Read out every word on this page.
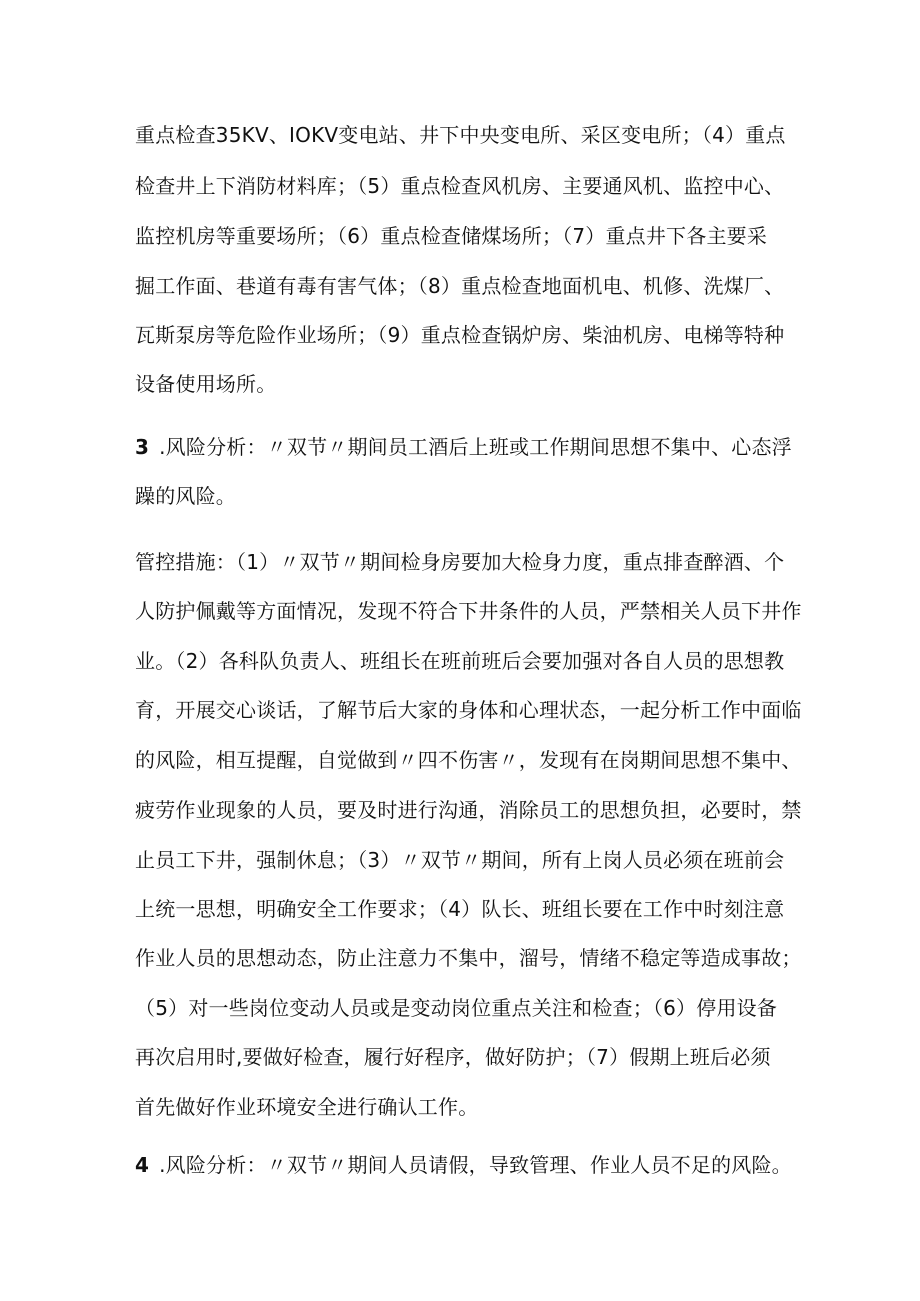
重点检查35KV、IOKV变电站、井下中央变电所、采区变电所；（4）重点
检查井上下消防材料库；（5）重点检查风机房、主要通风机、监控中心、
监控机房等重要场所；（6）重点检查储煤场所；（7）重点井下各主要采
掘工作面、巷道有毒有害气体；（8）重点检查地面机电、机修、洗煤厂、
瓦斯泵房等危险作业场所；（9）重点检查锅炉房、柴油机房、电梯等特种
设备使用场所。
3 .风险分析：〃双节〃期间员工酒后上班或工作期间思想不集中、心态浮
躁的风险。
管控措施：（1）〃双节〃期间检身房要加大检身力度，重点排查醉酒、个
人防护佩戴等方面情况，发现不符合下井条件的人员，严禁相关人员下井作
业。（2）各科队负责人、班组长在班前班后会要加强对各自人员的思想教
育，开展交心谈话，了解节后大家的身体和心理状态，一起分析工作中面临
的风险，相互提醒，自觉做到〃四不伤害〃，发现有在岗期间思想不集中、
疲劳作业现象的人员，要及时进行沟通，消除员工的思想负担，必要时，禁
止员工下井，强制休息；（3）〃双节〃期间，所有上岗人员必须在班前会
上统一思想，明确安全工作要求；（4）队长、班组长要在工作中时刻注意
作业人员的思想动态，防止注意力不集中，溜号，情绪不稳定等造成事故；
（5）对一些岗位变动人员或是变动岗位重点关注和检查；（6）停用设备
再次启用时,要做好检查，履行好程序，做好防护；（7）假期上班后必须
首先做好作业环境安全进行确认工作。
4 .风险分析：〃双节〃期间人员请假，导致管理、作业人员不足的风险。
